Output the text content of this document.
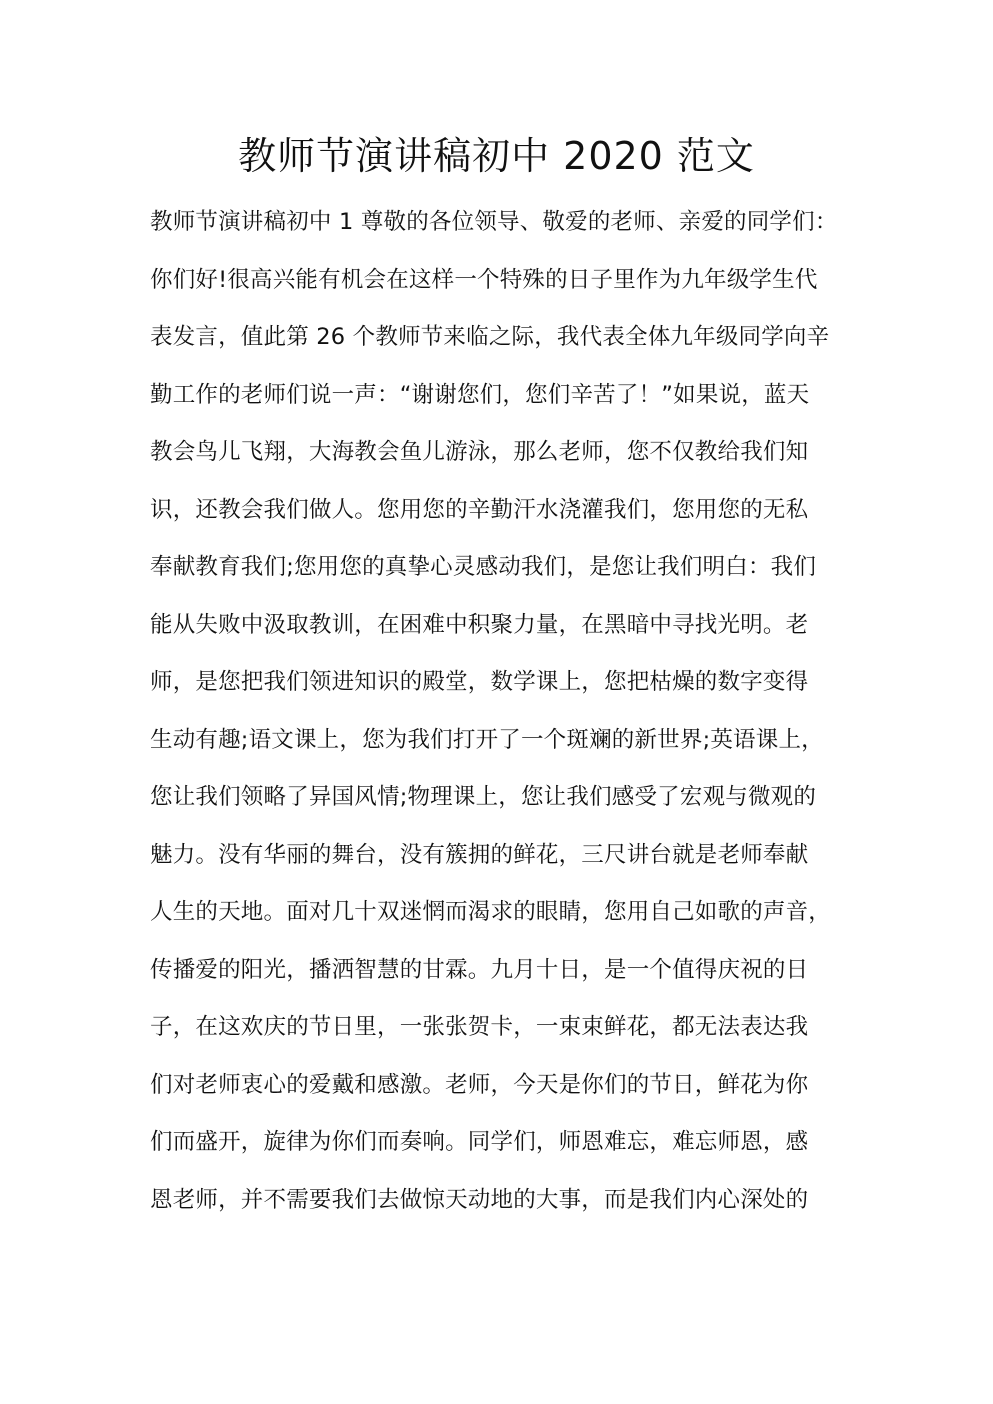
教师节演讲稿初中 2020 范文
教师节演讲稿初中 1 尊敬的各位领导、敬爱的老师、亲爱的同学们：
你们好!很高兴能有机会在这样一个特殊的日子里作为九年级学生代
表发言，值此第 26 个教师节来临之际，我代表全体九年级同学向辛
勤工作的老师们说一声：“谢谢您们，您们辛苦了！”如果说，蓝天
教会鸟儿飞翔，大海教会鱼儿游泳，那么老师，您不仅教给我们知
识，还教会我们做人。您用您的辛勤汗水浇灌我们，您用您的无私
奉献教育我们;您用您的真挚心灵感动我们，是您让我们明白：我们
能从失败中汲取教训，在困难中积聚力量，在黑暗中寻找光明。老
师，是您把我们领进知识的殿堂，数学课上，您把枯燥的数字变得
生动有趣;语文课上，您为我们打开了一个斑斓的新世界;英语课上，
您让我们领略了异国风情;物理课上，您让我们感受了宏观与微观的
魅力。没有华丽的舞台，没有簇拥的鲜花，三尺讲台就是老师奉献
人生的天地。面对几十双迷惘而渴求的眼睛，您用自己如歌的声音，
传播爱的阳光，播洒智慧的甘霖。九月十日，是一个值得庆祝的日
子，在这欢庆的节日里，一张张贺卡，一束束鲜花，都无法表达我
们对老师衷心的爱戴和感激。老师，今天是你们的节日，鲜花为你
们而盛开，旋律为你们而奏响。同学们，师恩难忘，难忘师恩，感
恩老师，并不需要我们去做惊天动地的大事，而是我们内心深处的
